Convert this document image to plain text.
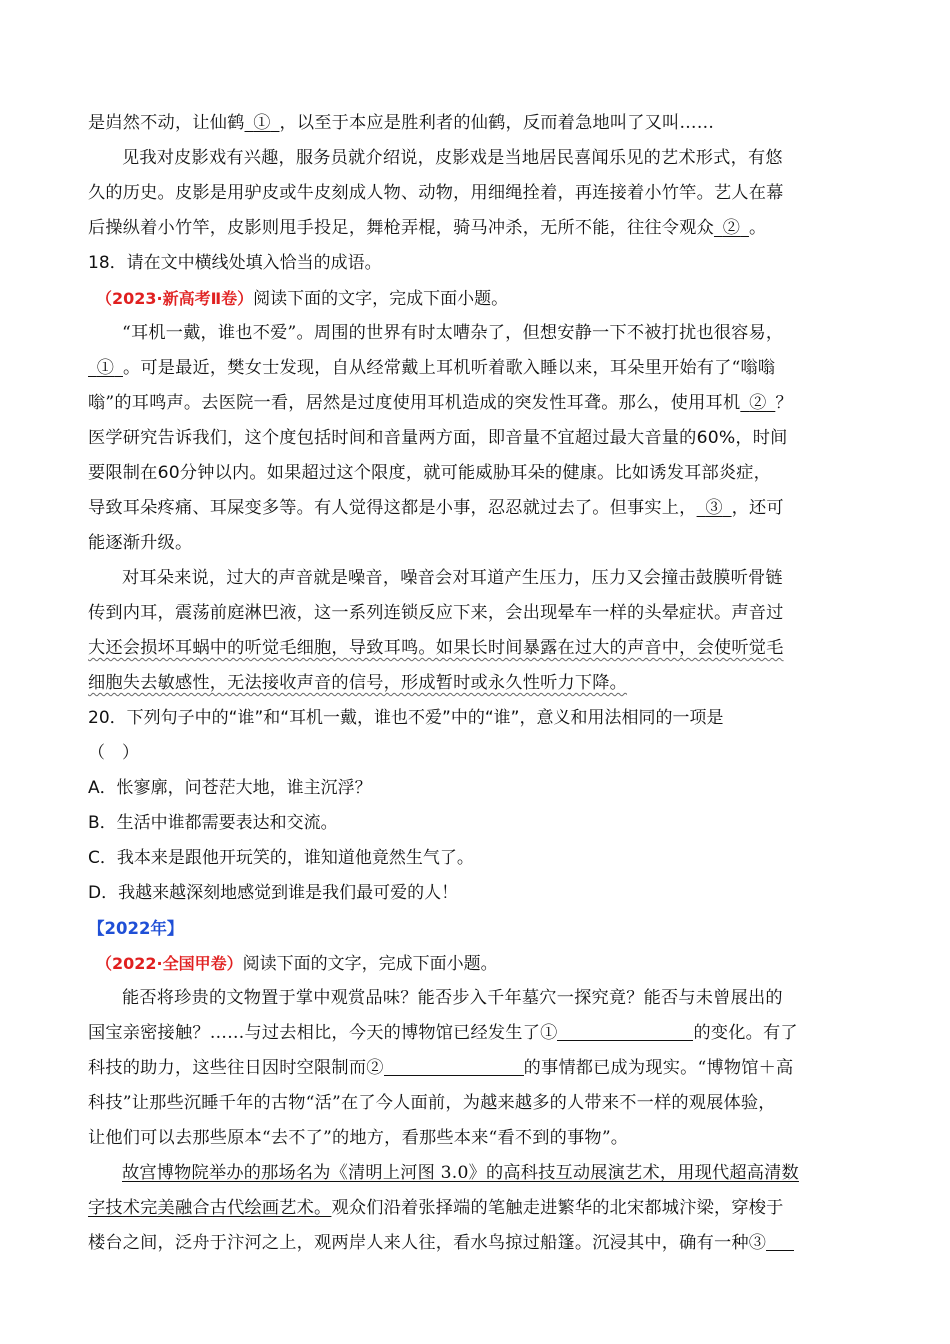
是岿然不动，让仙鹤  ①  ，以至于本应是胜利者的仙鹤，反而着急地叫了又叫……
见我对皮影戏有兴趣，服务员就介绍说，皮影戏是当地居民喜闻乐见的艺术形式，有悠
久的历史。皮影是用驴皮或牛皮刻成人物、动物，用细绳拴着，再连接着小竹竿。艺人在幕
后操纵着小竹竿，皮影则甩手投足，舞枪弄棍，骑马冲杀，无所不能，往往令观众  ②  。
18．请在文中横线处填入恰当的成语。
（2023·新高考Ⅱ卷）阅读下面的文字，完成下面小题。
“耳机一戴，谁也不爱”。周围的世界有时太嘈杂了，但想安静一下不被打扰也很容易，
 ①  。可是最近，樊女士发现，自从经常戴上耳机听着歌入睡以来，耳朵里开始有了“嗡嗡
嗡”的耳鸣声。去医院一看，居然是过度使用耳机造成的突发性耳聋。那么，使用耳机  ②  ？
医学研究告诉我们，这个度包括时间和音量两方面，即音量不宜超过最大音量的60%，时间
要限制在60分钟以内。如果超过这个限度，就可能威胁耳朵的健康。比如诱发耳部炎症，
导致耳朵疼痛、耳屎变多等。有人觉得这都是小事，忍忍就过去了。但事实上，  ③  ，还可
能逐渐升级。
对耳朵来说，过大的声音就是噪音，噪音会对耳道产生压力，压力又会撞击鼓膜听骨链
传到内耳，震荡前庭淋巴液，这一系列连锁反应下来，会出现晕车一样的头晕症状。声音过
大还会损坏耳蜗中的听觉毛细胞，导致耳鸣。如果长时间暴露在过大的声音中，会使听觉毛
细胞失去敏感性，无法接收声音的信号，形成暂时或永久性听力下降。
20．下列句子中的“谁”和“耳机一戴，谁也不爱”中的“谁”，意义和用法相同的一项是
（　）
A．怅寥廓，问苍茫大地，谁主沉浮？
B．生活中谁都需要表达和交流。
C．我本来是跟他开玩笑的，谁知道他竟然生气了。
D．我越来越深刻地感觉到谁是我们最可爱的人！
【2022年】
（2022·全国甲卷）阅读下面的文字，完成下面小题。
能否将珍贵的文物置于掌中观赏品味？能否步入千年墓穴一探究竟？能否与未曾展出的
国宝亲密接触？……与过去相比，今天的博物馆已经发生了①	的变化。有了
科技的助力，这些往日因时空限制而②	的事情都已成为现实。“博物馆＋高
科技”让那些沉睡千年的古物“活”在了今人面前，为越来越多的人带来不一样的观展体验，
让他们可以去那些原本“去不了”的地方，看那些本来“看不到的事物”。
故宫博物院举办的那场名为《清明上河图 3.0》的高科技互动展演艺术，用现代超高清数
字技术完美融合古代绘画艺术。观众们沿着张择端的笔触走进繁华的北宋都城汴梁，穿梭于
楼台之间，泛舟于汴河之上，观两岸人来人往，看水鸟掠过船篷。沉浸其中，确有一种③
